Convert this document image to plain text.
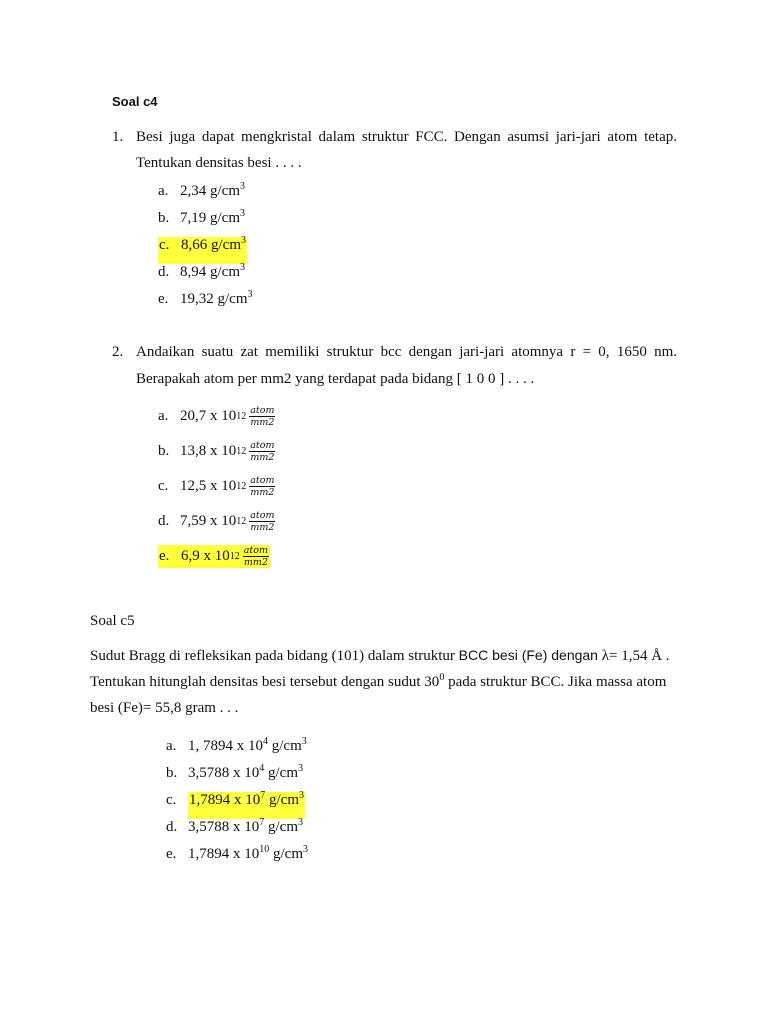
Soal c4
1. Besi juga dapat mengkristal dalam struktur FCC. Dengan asumsi jari-jari atom tetap.
Tentukan densitas besi . . . .
a. 2,34 $g/cm^3$
b. 7,19 $g/cm^3$
c. 8,66 $g/cm^3$
d. 8,94 $g/cm^3$
e. 19,32 $g/cm^3$
2. Andaikan suatu zat memiliki struktur bcc dengan jari-jari atomnya r = 0, 1650 nm.
Berapakah atom per mm2 yang terdapat pada bidang [ 1 0 0 ] . . . .
a. 20,7 x 10 $12 \frac{\text{atom}}{mm2}$
b. 13,8 x 10 $12 \frac{\text{atom}}{mm2}$
c. 12,5 x 10 $12 \frac{\text{atom}}{mm2}$
d. 7,59 x 10 $12 \frac{\text{atom}}{mm2}$
e. 6,9 x 10 $12 \frac{\text{atom}}{mm2}$
Soal c5
Sudut Bragg di refleksikan pada bidang (101) dalam struktur BCC besi (Fe) dengan λ= 1,54 Å .
Tentukan hitunglah densitas besi tersebut dengan sudut $30^0$ pada struktur BCC. Jika massa atom
besi (Fe)= 55,8 gram . . .
a. 1, 7894 x $10^4$ $g/cm^3$
b. 3,5788 x $10^4$ $g/cm^3$
c. 1,7894 x $10^7$ $g/cm^3$
d. 3,5788 x $10^7$ $g/cm^3$
e. 1,7894 x $10^{10}$ $g/cm^3$
